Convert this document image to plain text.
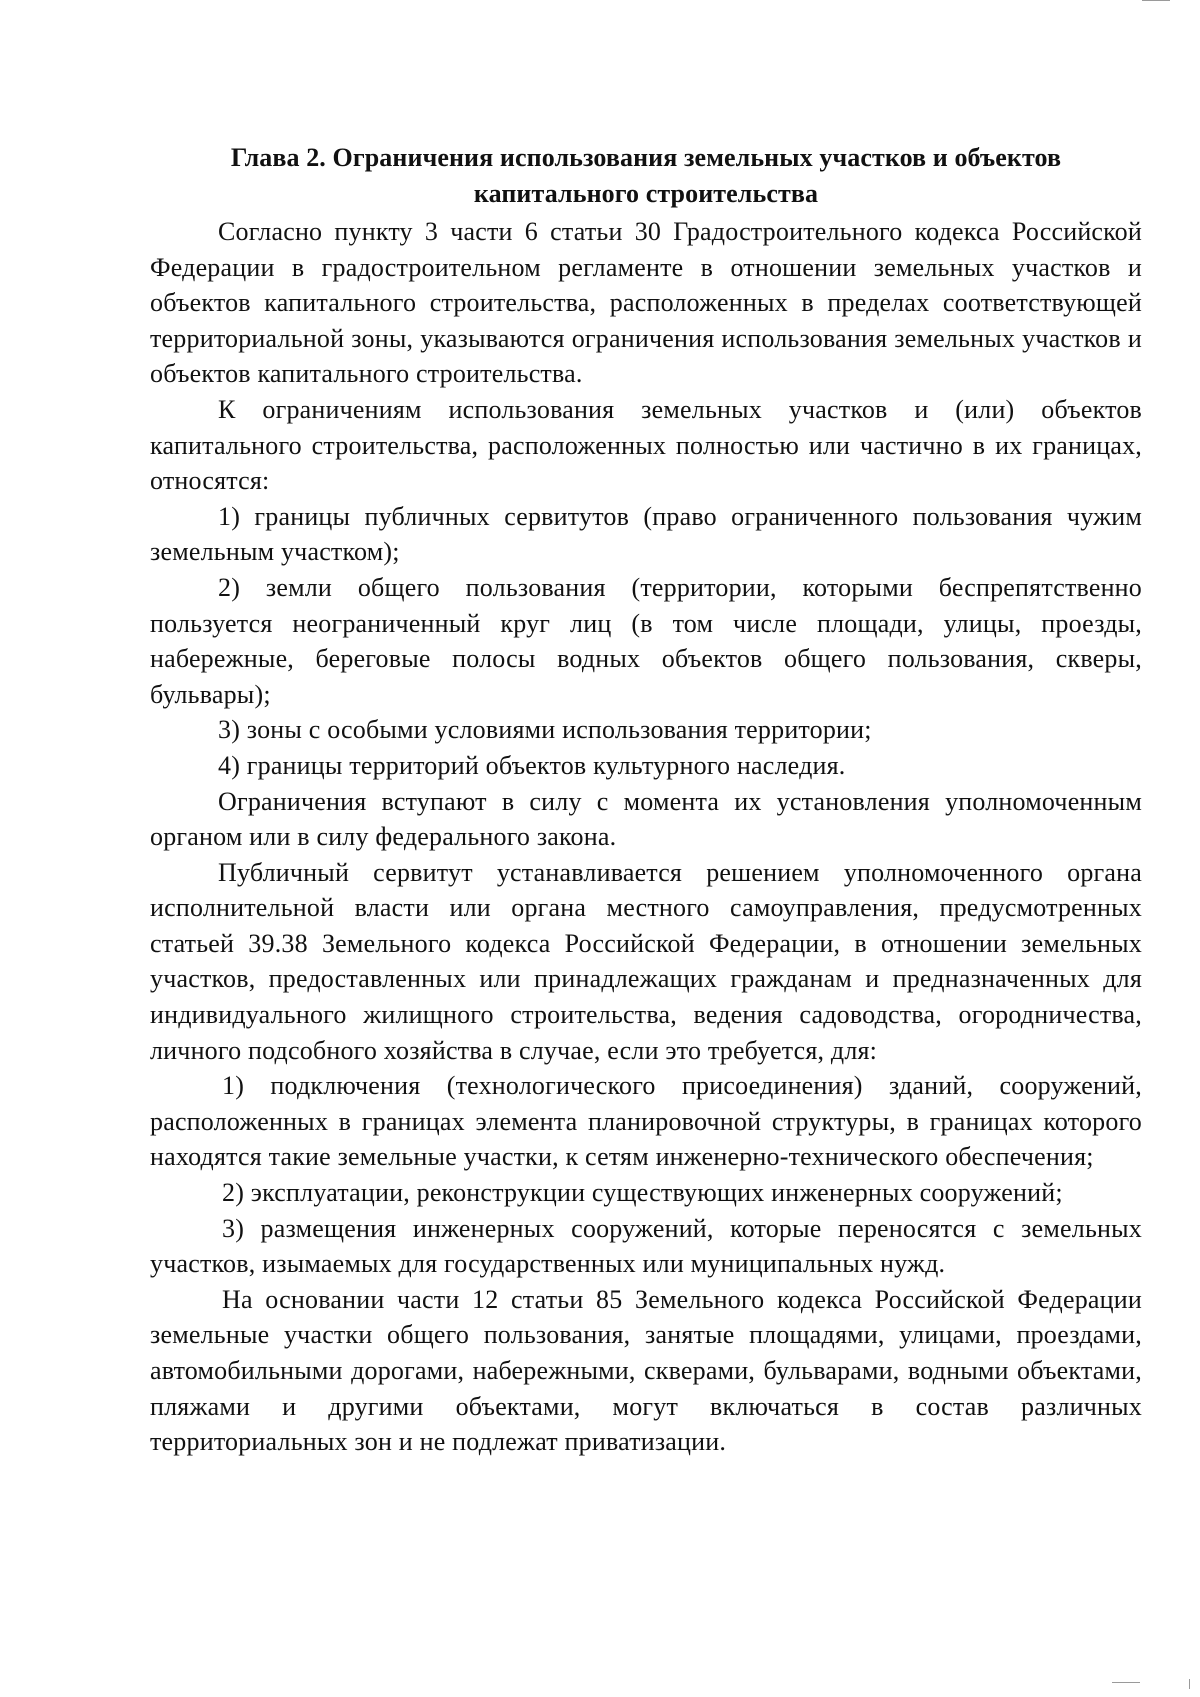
Глава 2. Ограничения использования земельных участков и объектов
капитального строительства

Согласно пункту 3 части 6 статьи 30 Градостроительного кодекса Российской Федерации в градостроительном регламенте в отношении земельных участков и объектов капитального строительства, расположенных в пределах соответствующей территориальной зоны, указываются ограничения использования земельных участков и объектов капитального строительства.

К ограничениям использования земельных участков и (или) объектов капитального строительства, расположенных полностью или частично в их границах, относятся:

1) границы публичных сервитутов (право ограниченного пользования чужим земельным участком);

2) земли общего пользования (территории, которыми беспрепятственно пользуется неограниченный круг лиц (в том числе площади, улицы, проезды, набережные, береговые полосы водных объектов общего пользования, скверы, бульвары);

3) зоны с особыми условиями использования территории;

4) границы территорий объектов культурного наследия.

Ограничения вступают в силу с момента их установления уполномоченным органом или в силу федерального закона.

Публичный сервитут устанавливается решением уполномоченного органа исполнительной власти или органа местного самоуправления, предусмотренных статьей 39.38 Земельного кодекса Российской Федерации, в отношении земельных участков, предоставленных или принадлежащих гражданам и предназначенных для индивидуального жилищного строительства, ведения садоводства, огородничества, личного подсобного хозяйства в случае, если это требуется, для:

1) подключения (технологического присоединения) зданий, сооружений, расположенных в границах элемента планировочной структуры, в границах которого находятся такие земельные участки, к сетям инженерно-технического обеспечения;

2) эксплуатации, реконструкции существующих инженерных сооружений;

3) размещения инженерных сооружений, которые переносятся с земельных участков, изымаемых для государственных или муниципальных нужд.

На основании части 12 статьи 85 Земельного кодекса Российской Федерации земельные участки общего пользования, занятые площадями, улицами, проездами, автомобильными дорогами, набережными, скверами, бульварами, водными объектами, пляжами и другими объектами, могут включаться в состав различных территориальных зон и не подлежат приватизации.
